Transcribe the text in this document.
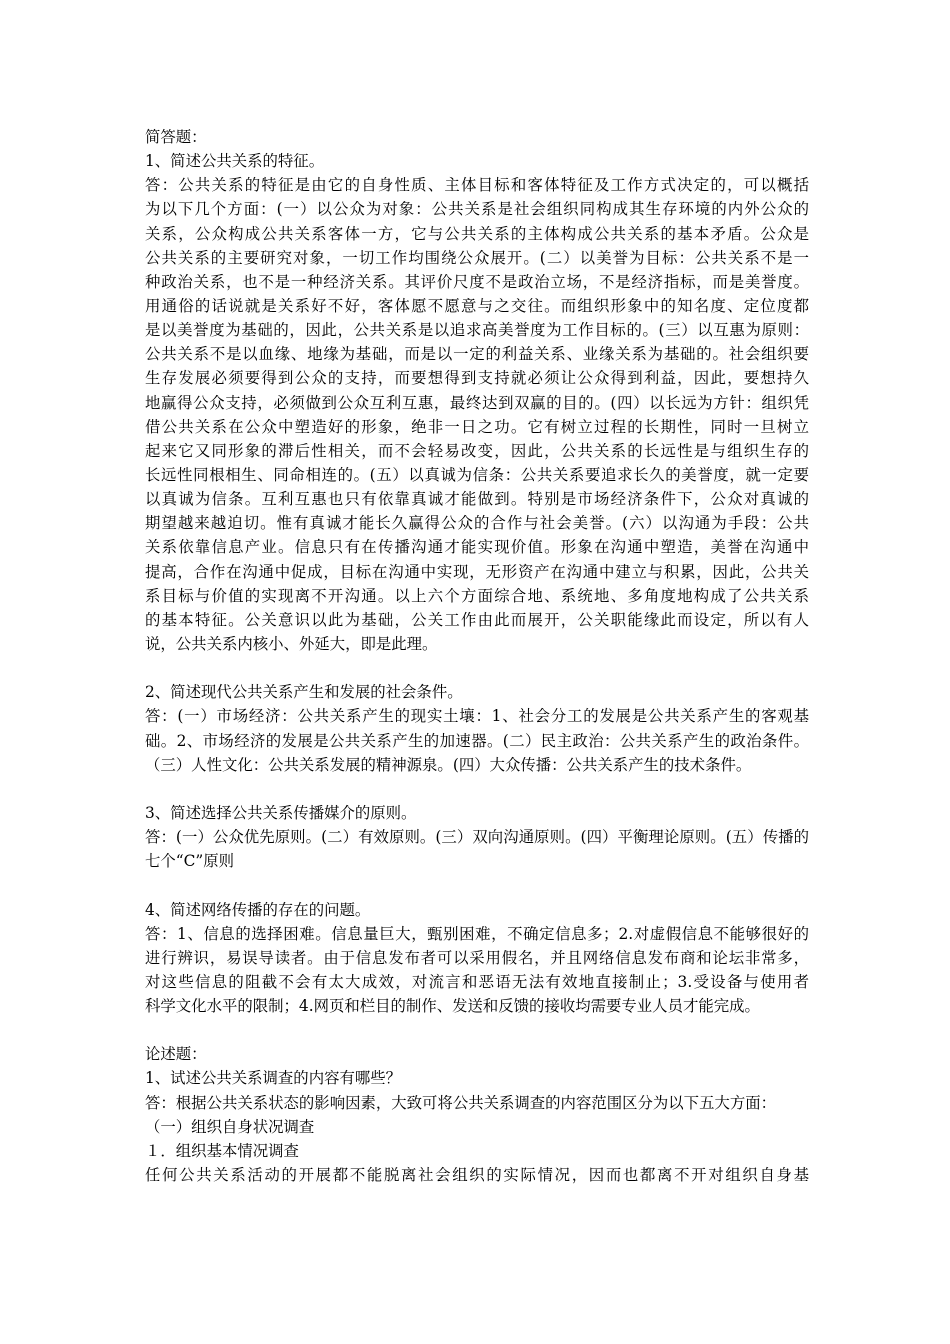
简答题：
1、简述公共关系的特征。
答：公共关系的特征是由它的自身性质、主体目标和客体特征及工作方式决定的，可以概括
为以下几个方面：(一）以公众为对象：公共关系是社会组织同构成其生存环境的内外公众的
关系，公众构成公共关系客体一方，它与公共关系的主体构成公共关系的基本矛盾。公众是
公共关系的主要研究对象，一切工作均围绕公众展开。(二）以美誉为目标：公共关系不是一
种政治关系，也不是一种经济关系。其评价尺度不是政治立场，不是经济指标，而是美誉度。
用通俗的话说就是关系好不好，客体愿不愿意与之交往。而组织形象中的知名度、定位度都
是以美誉度为基础的，因此，公共关系是以追求高美誉度为工作目标的。(三）以互惠为原则：
公共关系不是以血缘、地缘为基础，而是以一定的利益关系、业缘关系为基础的。社会组织要
生存发展必须要得到公众的支持，而要想得到支持就必须让公众得到利益，因此，要想持久
地赢得公众支持，必须做到公众互利互惠，最终达到双赢的目的。(四）以长远为方针：组织凭
借公共关系在公众中塑造好的形象，绝非一日之功。它有树立过程的长期性，同时一旦树立
起来它又同形象的滞后性相关，而不会轻易改变，因此，公共关系的长远性是与组织生存的
长远性同根相生、同命相连的。(五）以真诚为信条：公共关系要追求长久的美誉度，就一定要
以真诚为信条。互利互惠也只有依靠真诚才能做到。特别是市场经济条件下，公众对真诚的
期望越来越迫切。惟有真诚才能长久赢得公众的合作与社会美誉。(六）以沟通为手段：公共
关系依靠信息产业。信息只有在传播沟通才能实现价值。形象在沟通中塑造，美誉在沟通中
提高，合作在沟通中促成，目标在沟通中实现，无形资产在沟通中建立与积累，因此，公共关
系目标与价值的实现离不开沟通。以上六个方面综合地、系统地、多角度地构成了公共关系
的基本特征。公关意识以此为基础，公关工作由此而展开，公关职能缘此而设定，所以有人
说，公共关系内核小、外延大，即是此理。
2、简述现代公共关系产生和发展的社会条件。
答：(一）市场经济：公共关系产生的现实土壤：1、社会分工的发展是公共关系产生的客观基
础。2、市场经济的发展是公共关系产生的加速器。(二）民主政治：公共关系产生的政治条件。
（三）人性文化：公共关系发展的精神源泉。(四）大众传播：公共关系产生的技术条件。
3、简述选择公共关系传播媒介的原则。
答：(一）公众优先原则。(二）有效原则。(三）双向沟通原则。(四）平衡理论原则。(五）传播的
七个“C”原则
4、简述网络传播的存在的问题。
答：1、信息的选择困难。信息量巨大，甄别困难，不确定信息多；2.对虚假信息不能够很好的
进行辨识，易误导读者。由于信息发布者可以采用假名，并且网络信息发布商和论坛非常多，
对这些信息的阻截不会有太大成效，对流言和恶语无法有效地直接制止；3.受设备与使用者
科学文化水平的限制；4.网页和栏目的制作、发送和反馈的接收均需要专业人员才能完成。
论述题：
1、试述公共关系调查的内容有哪些？
答：根据公共关系状态的影响因素，大致可将公共关系调查的内容范围区分为以下五大方面：
（一）组织自身状况调查
１．组织基本情况调查
任何公共关系活动的开展都不能脱离社会组织的实际情况，因而也都离不开对组织自身基
